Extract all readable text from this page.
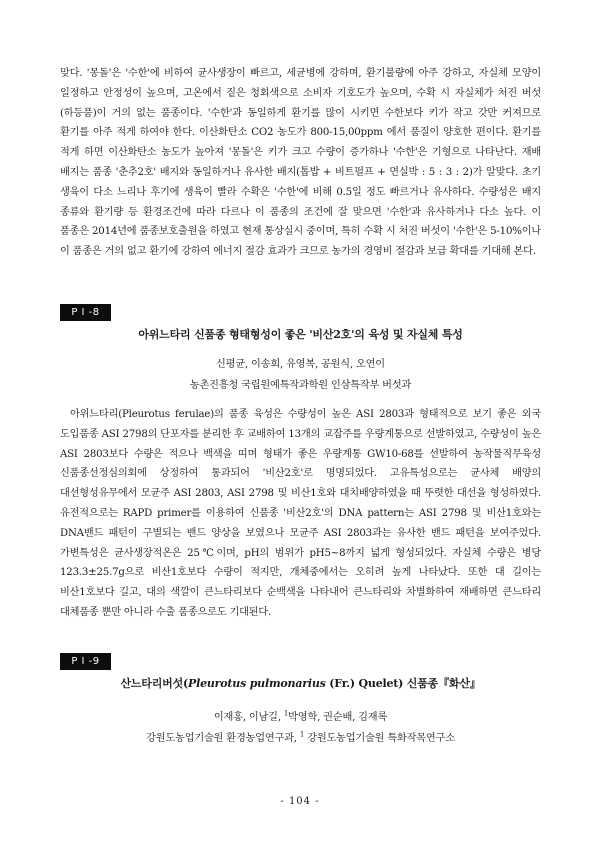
맞다. '몽돌'은 '수한'에 비하여 균사생장이 빠르고, 세균병에 강하며, 환기불량에 아주 강하고, 자실체 모양이 일정하고 안정성이 높으며, 고온에서 짙은 청회색으로 소비자 기호도가 높으며, 수확 시 자실체가 처진 버섯(하등품)이 거의 없는 품종이다. '수한'과 동일하게 환기를 많이 시키면 수한보다 키가 작고 갓만 커져므로 환기를 아주 적게 하여야 한다. 이산화탄소 CO2 농도가 800-15,00ppm 에서 품질이 양호한 편이다. 환기를 적게 하면 이산화탄소 농도가 높아져 '몽돌'은 키가 크고 수량이 증가하나 '수한'은 기형으로 나타난다. 재배 배지는 품종 '춘추2호' 배지와 동일하거나 유사한 배지(톱밥 + 비트펄프 + 면실박 : 5 : 3 : 2)가 알맞다. 초기 생육이 다소 느리나 후기에 생육이 빨라 수확은 '수한'에 비해 0.5일 정도 빠르거나 유사하다. 수량성은 배지 종류와 환기량 등 환경조건에 따라 다르나 이 품종의 조건에 잘 맞으면 '수한'과 유사하거나 다소 높다. 이 품종은 2014년에 품종보호출원을 하였고 현재 통상실시 중이며, 특히 수확 시 처진 버섯이 '수한'은 5-10%이나 이 품종은 거의 없고 환기에 강하여 에너지 절감 효과가 크므로 농가의 경영비 절감과 보급 확대를 기대해 본다.

P I -8
아위느타리 신품종 형태형성이 좋은 '비산2호'의 육성 및 자실체 특성
신평균, 이송희, 유영복, 공원식, 오연이
농촌진흥청 국립원예특작과학원 인삼특작부 버섯과

아위느타리(Pleurotus ferulae)의 품종 육성은 수량성이 높은 ASI 2803과 형태적으로 보기 좋은 외국 도입품종 ASI 2798의 단포자를 분리한 후 교배하여 13개의 교잡주를 우량계통으로 선발하였고, 수량성이 높은 ASI 2803보다 수량은 적으나 백색을 띠며 형태가 좋은 우량계통 GW10-68를 선발하여 농작물직무육성 신품종선정심의회에 상정하여 통과되어 '비산2호'로 명명되었다. 고유특성으로는 균사체 배양의 대선형성유무에서 모균주 ASI 2803, ASI 2798 및 비산1호와 대치배양하였을 때 뚜렷한 대선을 형성하였다. 유전적으로는 RAPD primer를 이용하여 신품종 '비산2호'의 DNA pattern는 ASI 2798 및 비산1호와는 DNA밴드 패턴이 구별되는 밴드 양상을 보였으나 모균주 ASI 2803과는 유사한 밴드 패턴을 보여주었다. 가변특성은 균사생장적온은 25℃이며, pH의 범위가 pH5~8까지 넓게 형성되었다. 자실체 수량은 병당 123.3±25.7g으로 비산1호보다 수량이 적지만, 개체중에서는 오히려 높게 나타났다. 또한 대 길이는 비산1호보다 길고, 대의 색깔이 큰느타리보다 순백색을 나타내어 큰느타리와 차별화하여 재배하면 큰느타리 대체품종 뿐만 아니라 수출 품종으로도 기대된다.

P I -9
산느타리버섯(Pleurotus pulmonarius (Fr.) Quelet) 신품종『화산』
이재홍, 이남길, $^1$박영학, 권순배, 김재록
강원도농업기술원 환경농업연구과, $^1$ 강원도농업기술원 특화작목연구소
- 104 -
